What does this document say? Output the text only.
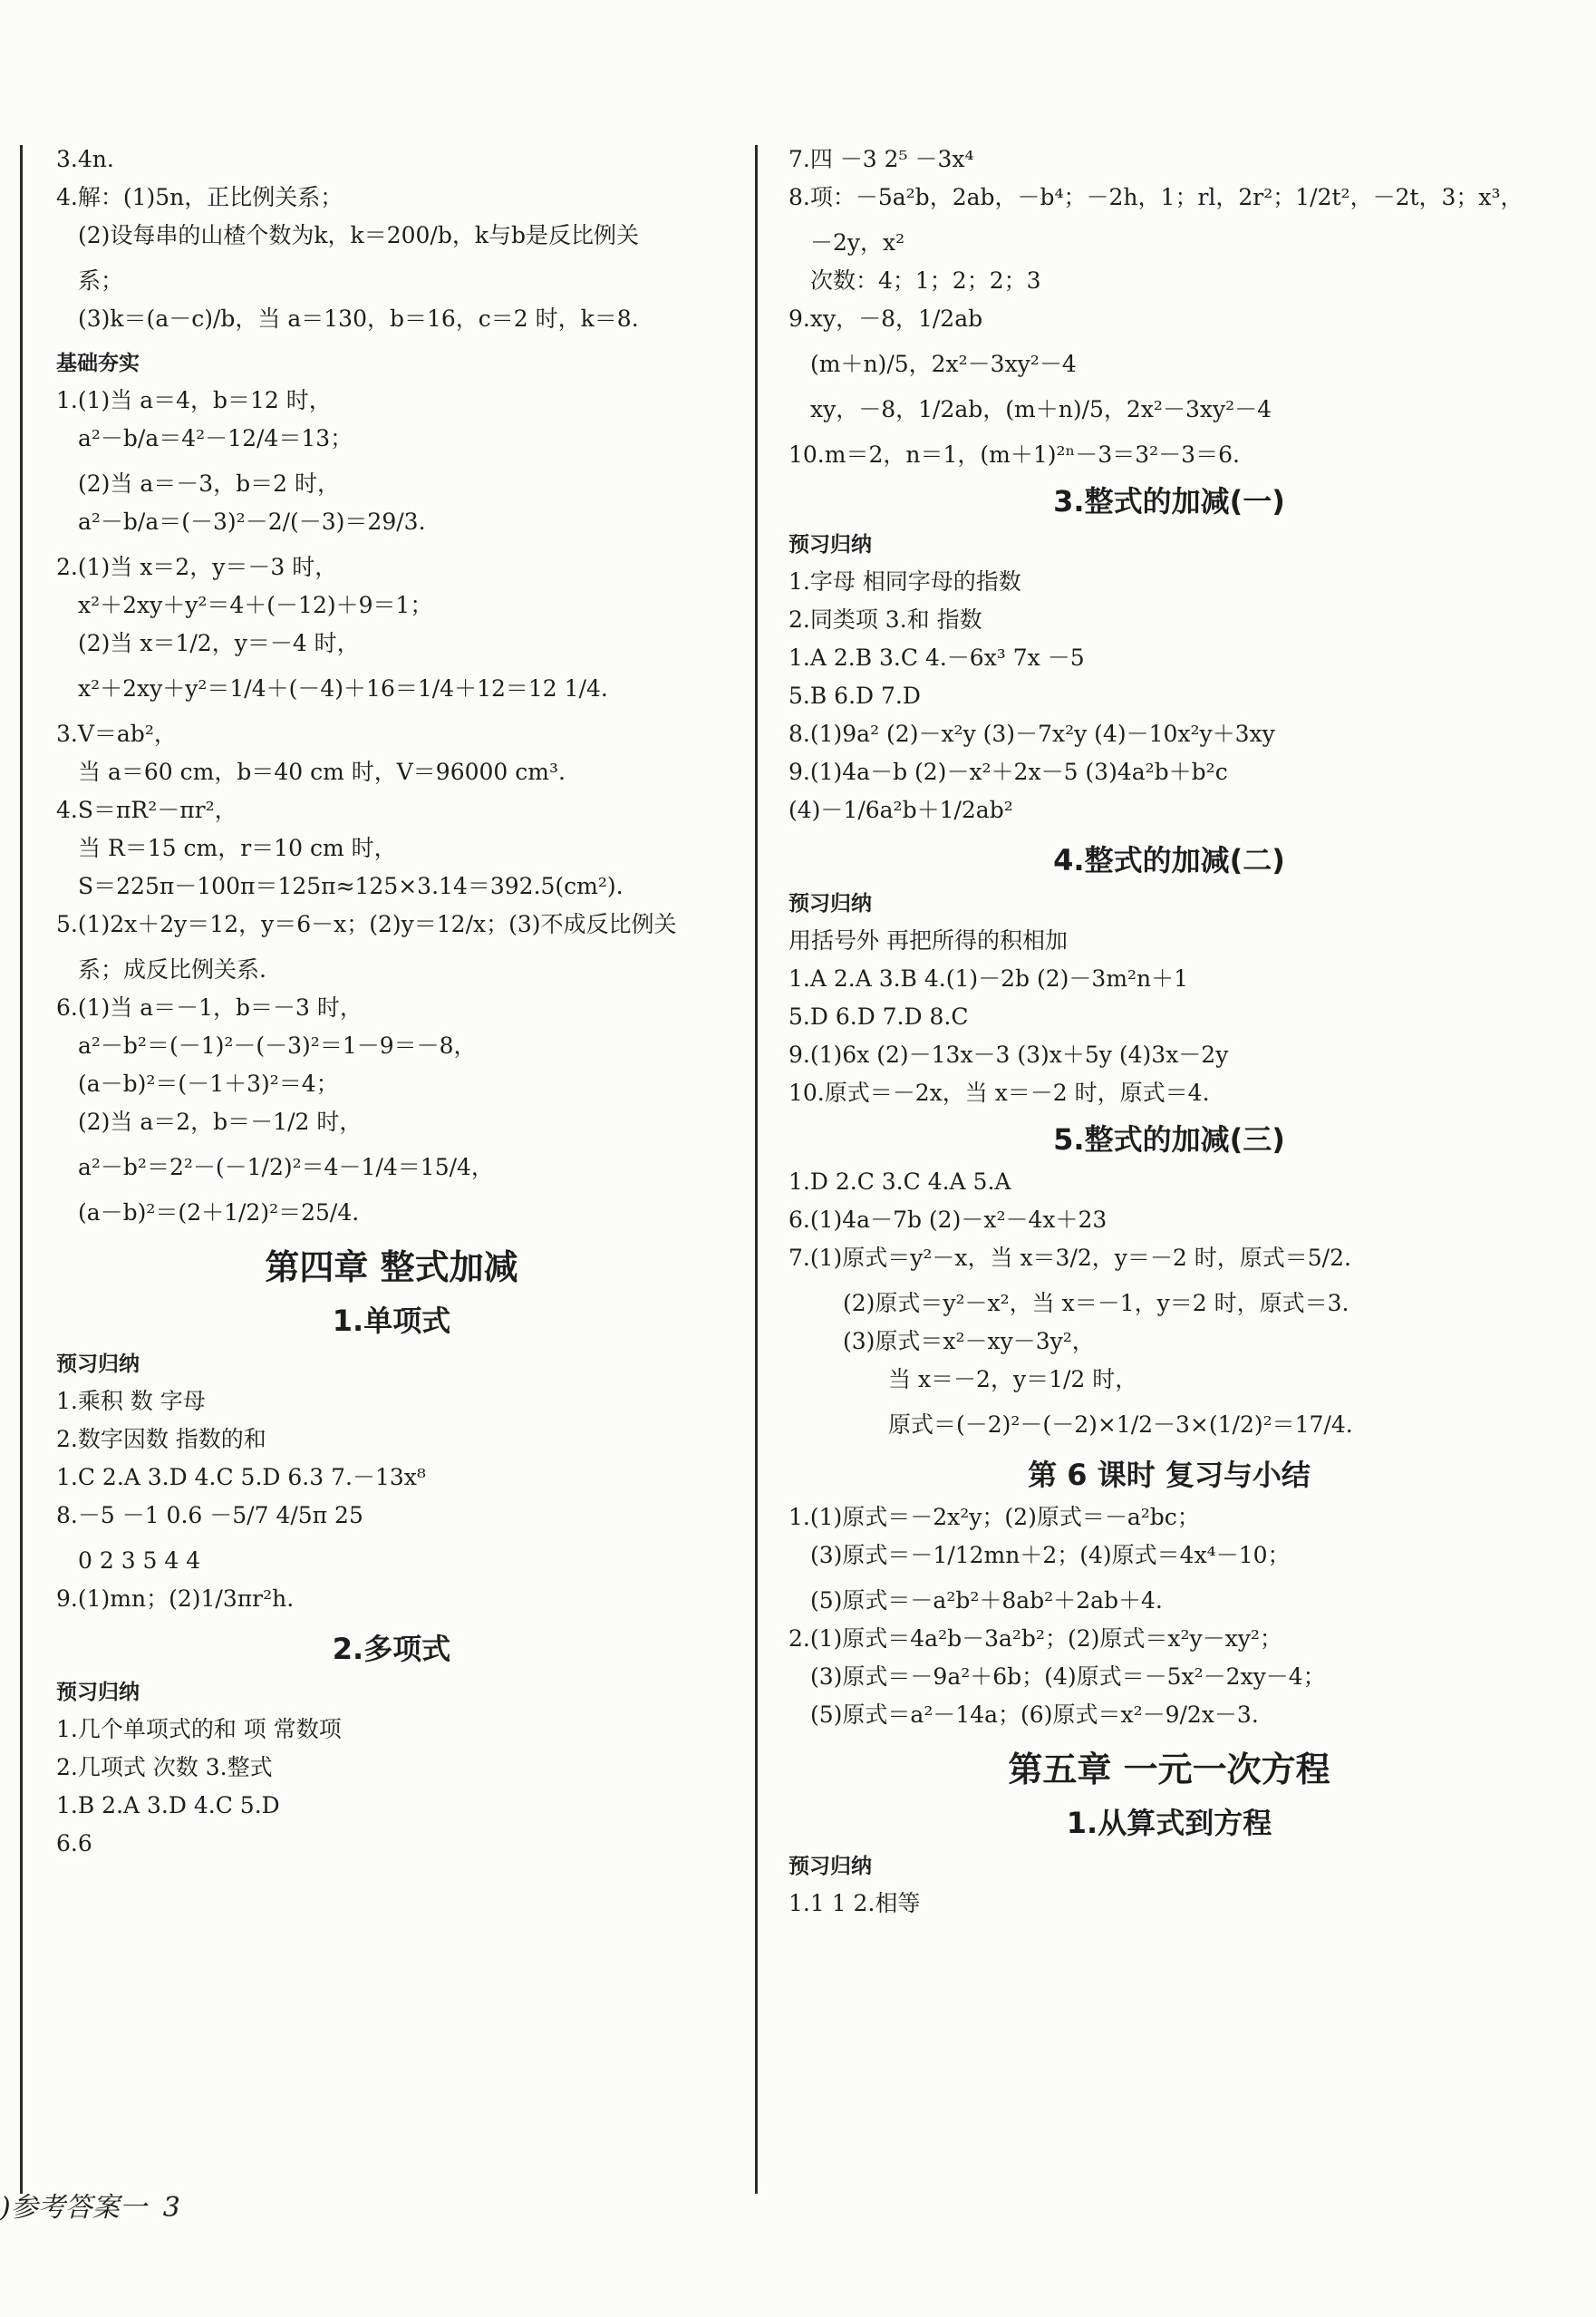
3.4n.
4.解：(1)5n，正比例关系；
(2)设每串的山楂个数为k，k＝200/b，k与b是反比例关
系；
(3)k＝(a－c)/b，当 a＝130，b＝16，c＝2 时，k＝8.
基础夯实
1.(1)当 a＝4，b＝12 时，
a²－b/a＝4²－12/4＝13；
(2)当 a＝－3，b＝2 时，
a²－b/a＝(－3)²－2/(－3)＝29/3.
2.(1)当 x＝2，y＝－3 时，
x²＋2xy＋y²＝4＋(－12)＋9＝1；
(2)当 x＝1/2，y＝－4 时，
x²＋2xy＋y²＝1/4＋(－4)＋16＝1/4＋12＝12 1/4.
3.V＝ab²，
当 a＝60 cm，b＝40 cm 时，V＝96000 cm³.
4.S＝πR²－πr²，
当 R＝15 cm，r＝10 cm 时，
S＝225π－100π＝125π≈125×3.14＝392.5(cm²).
5.(1)2x＋2y＝12，y＝6－x；(2)y＝12/x；(3)不成反比例关
系；成反比例关系.
6.(1)当 a＝－1，b＝－3 时，
a²－b²＝(－1)²－(－3)²＝1－9＝－8，
(a－b)²＝(－1＋3)²＝4；
(2)当 a＝2，b＝－1/2 时，
a²－b²＝2²－(－1/2)²＝4－1/4＝15/4，
(a－b)²＝(2＋1/2)²＝25/4.
第四章 整式加减
1.单项式
预习归纳
1.乘积 数 字母
2.数字因数 指数的和
1.C 2.A 3.D 4.C 5.D 6.3 7.－13x⁸
8.－5 －1 0.6 －5/7 4/5π 25
0 2 3 5 4 4
9.(1)mn；(2)1/3πr²h.
2.多项式
预习归纳
1.几个单项式的和 项 常数项
2.几项式 次数 3.整式
1.B 2.A 3.D 4.C 5.D
6.6
7.四 －3 2⁵ －3x⁴
8.项：－5a²b，2ab，－b⁴；－2h，1；rl，2r²；1/2t²，－2t，3；x³，
－2y，x²
次数：4；1；2；2；3
9.xy，－8，1/2ab
(m＋n)/5，2x²－3xy²－4
xy，－8，1/2ab，(m＋n)/5，2x²－3xy²－4
10.m＝2，n＝1，(m＋1)²ⁿ－3＝3²－3＝6.
3.整式的加减(一)
预习归纳
1.字母 相同字母的指数
2.同类项 3.和 指数
1.A 2.B 3.C 4.－6x³ 7x －5
5.B 6.D 7.D
8.(1)9a² (2)－x²y (3)－7x²y (4)－10x²y＋3xy
9.(1)4a－b (2)－x²＋2x－5 (3)4a²b＋b²c
(4)－1/6a²b＋1/2ab²
4.整式的加减(二)
预习归纳
用括号外 再把所得的积相加
1.A 2.A 3.B 4.(1)－2b (2)－3m²n＋1
5.D 6.D 7.D 8.C
9.(1)6x (2)－13x－3 (3)x＋5y (4)3x－2y
10.原式＝－2x，当 x＝－2 时，原式＝4.
5.整式的加减(三)
1.D 2.C 3.C 4.A 5.A
6.(1)4a－7b (2)－x²－4x＋23
7.(1)原式＝y²－x，当 x＝3/2，y＝－2 时，原式＝5/2.
(2)原式＝y²－x²，当 x＝－1，y＝2 时，原式＝3.
(3)原式＝x²－xy－3y²，
当 x＝－2，y＝1/2 时，
原式＝(－2)²－(－2)×1/2－3×(1/2)²＝17/4.
第 6 课时 复习与小结
1.(1)原式＝－2x²y；(2)原式＝－a²bc；
(3)原式＝－1/12mn＋2；(4)原式＝4x⁴－10；
(5)原式＝－a²b²＋8ab²＋2ab＋4.
2.(1)原式＝4a²b－3a²b²；(2)原式＝x²y－xy²；
(3)原式＝－9a²＋6b；(4)原式＝－5x²－2xy－4；
(5)原式＝a²－14a；(6)原式＝x²－9/2x－3.
第五章 一元一次方程
1.从算式到方程
预习归纳
1.1 1 2.相等
)参考答案一 3
